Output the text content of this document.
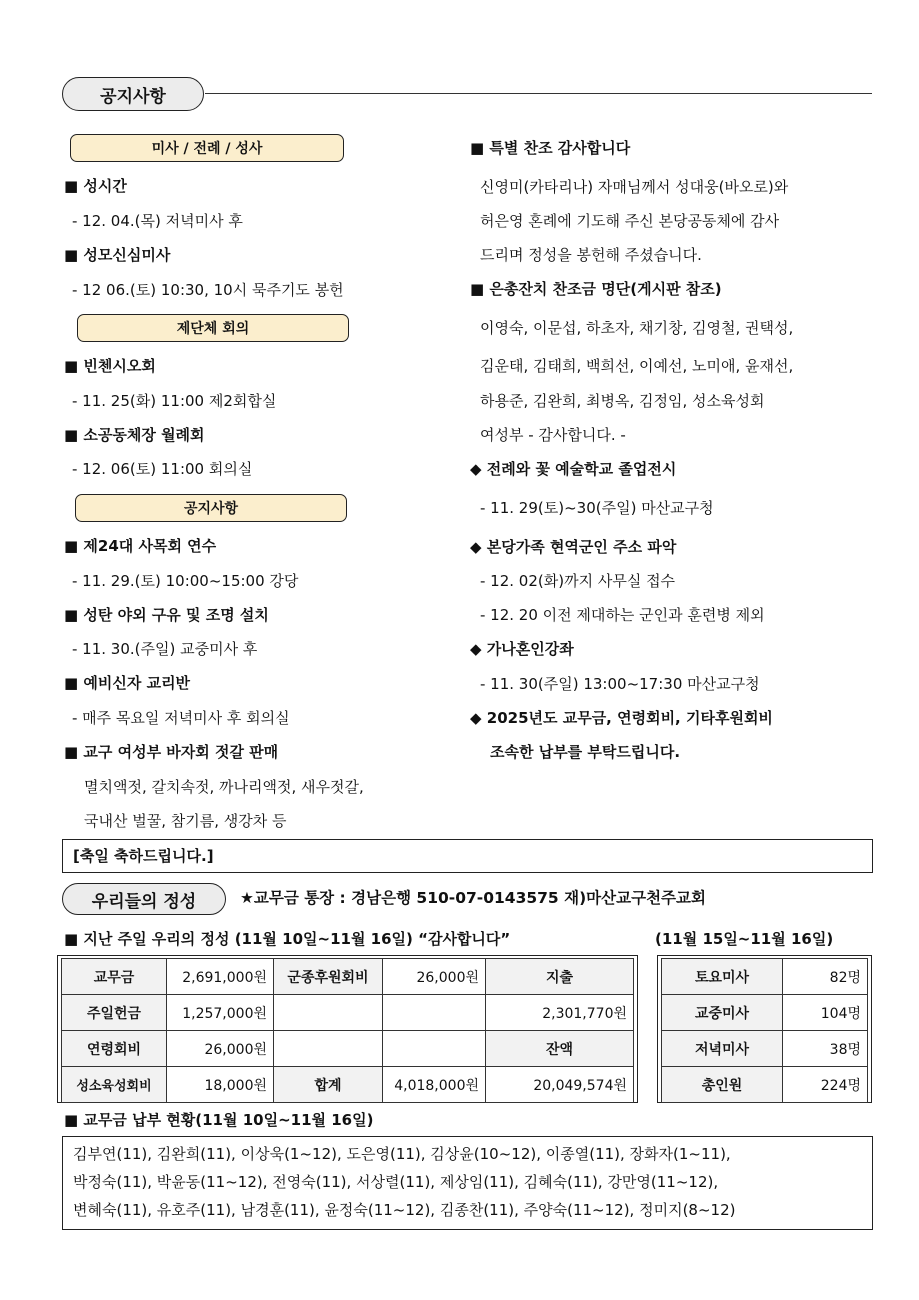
공지사항
미사 / 전례 / 성사
■ 성시간
- 12. 04.(목) 저녁미사 후
■ 성모신심미사
- 12 06.(토) 10:30, 10시 묵주기도 봉헌
제단체 회의
■ 빈첸시오회
- 11. 25(화) 11:00 제2회합실
■ 소공동체장 월례회
- 12. 06(토) 11:00 회의실
공지사항
■ 제24대 사목회 연수
- 11. 29.(토) 10:00~15:00 강당
■ 성탄 야외 구유 및 조명 설치
- 11. 30.(주일) 교중미사 후
■ 예비신자 교리반
- 매주 목요일 저녁미사 후 회의실
■ 교구 여성부 바자회 젓갈 판매
멸치액젓, 갈치속젓, 까나리액젓, 새우젓갈,
국내산 벌꿀, 참기름, 생강차 등
■ 특별 찬조 감사합니다
신영미(카타리나) 자매님께서 성대웅(바오로)와
허은영 혼례에 기도해 주신 본당공동체에 감사
드리며 정성을 봉헌해 주셨습니다.
■ 은총잔치 찬조금 명단(게시판 참조)
이영숙, 이문섭, 하초자, 채기창, 김영철, 권택성,
김운태, 김태희, 백희선, 이예선, 노미애, 윤재선,
하용준, 김완희, 최병옥, 김정임, 성소육성회
여성부 - 감사합니다. -
◆ 전례와 꽃 예술학교 졸업전시
- 11. 29(토)~30(주일) 마산교구청
◆ 본당가족 현역군인 주소 파악
- 12. 02(화)까지 사무실 접수
- 12. 20 이전 제대하는 군인과 훈련병 제외
◆ 가나혼인강좌
- 11. 30(주일) 13:00~17:30 마산교구청
◆ 2025년도 교무금, 연령회비, 기타후원회비
조속한 납부를 부탁드립니다.
[축일 축하드립니다.]
우리들의 정성	★교무금 통장 : 경남은행 510-07-0143575 재)마산교구천주교회
■ 지난 주일 우리의 정성 (11월 10일~11월 16일) “감사합니다”	(11월 15일~11월 16일)
교무금	2,691,000원	군종후원회비	26,000원	지출
주일헌금	1,257,000원			2,301,770원
연령회비	26,000원			잔액
성소육성회비	18,000원	합계	4,018,000원	20,049,574원
토요미사	82명
교중미사	104명
저녁미사	38명
총인원	224명
■ 교무금 납부 현황(11월 10일~11월 16일)
김부연(11), 김완희(11), 이상욱(1~12), 도은영(11), 김상윤(10~12), 이종열(11), 장화자(1~11),
박정숙(11), 박윤동(11~12), 전영숙(11), 서상렬(11), 제상임(11), 김혜숙(11), 강만영(11~12),
변혜숙(11), 유호주(11), 남경훈(11), 윤정숙(11~12), 김종찬(11), 주양숙(11~12), 정미지(8~12)
